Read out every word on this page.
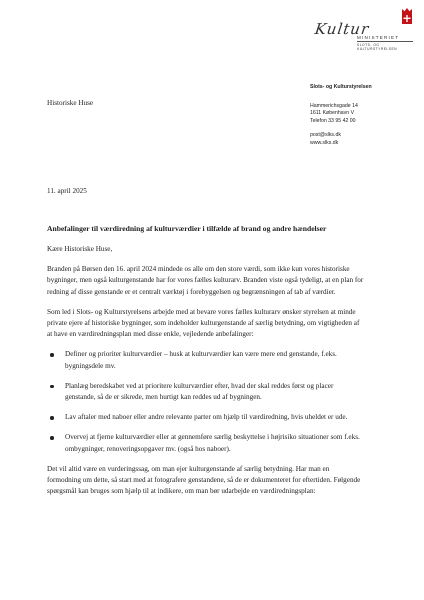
Kultur
MINISTERIET
SLOTS- OG KULTURSTYRELSEN
Slots- og Kulturstyrelsen
Hammerichsgade 14
1611 København V
Telefon 33 95 42 00
post@slks.dk
www.slks.dk
Historiske Huse
11. april 2025

Anbefalinger til værdiredning af kulturværdier i tilfælde af brand og andre hændelser

Kære Historiske Huse,

Branden på Børsen den 16. april 2024 mindede os alle om den store værdi, som ikke kun vores historiske bygninger, men også kulturgenstande har for vores fælles kulturarv. Branden viste også tydeligt, at en plan for redning af disse genstande er et centralt værktøj i forebyggelsen og begrænsningen af tab af værdier.

Som led i Slots- og Kulturstyrelsens arbejde med at bevare vores fælles kulturarv ønsker styrelsen at minde private ejere af historiske bygninger, som indeholder kulturgenstande af særlig betydning, om vigtigheden af at have en værdiredningsplan med disse enkle, vejledende anbefalinger:

Definer og prioriter kulturværdier – husk at kulturværdier kan være mere end genstande, f.eks. bygningsdele mv.
Planlæg beredskabet ved at prioritere kulturværdier efter, hvad der skal reddes først og placer genstande, så de er sikrede, men hurtigt kan reddes ud af bygningen.
Lav aftaler med naboer eller andre relevante parter om hjælp til værdiredning, hvis uheldet er ude.
Overvej at fjerne kulturværdier eller at gennemføre særlig beskyttelse i højrisiko situationer som f.eks. ombygninger, renoveringsopgaver mv. (også hos naboer).

Det vil altid være en vurderingssag, om man ejer kulturgenstande af særlig betydning. Har man en formodning om dette, så start med at fotografere genstandene, så de er dokumenteret for eftertiden. Følgende spørgsmål kan bruges som hjælp til at indikere, om man bør udarbejde en værdiredningsplan:
